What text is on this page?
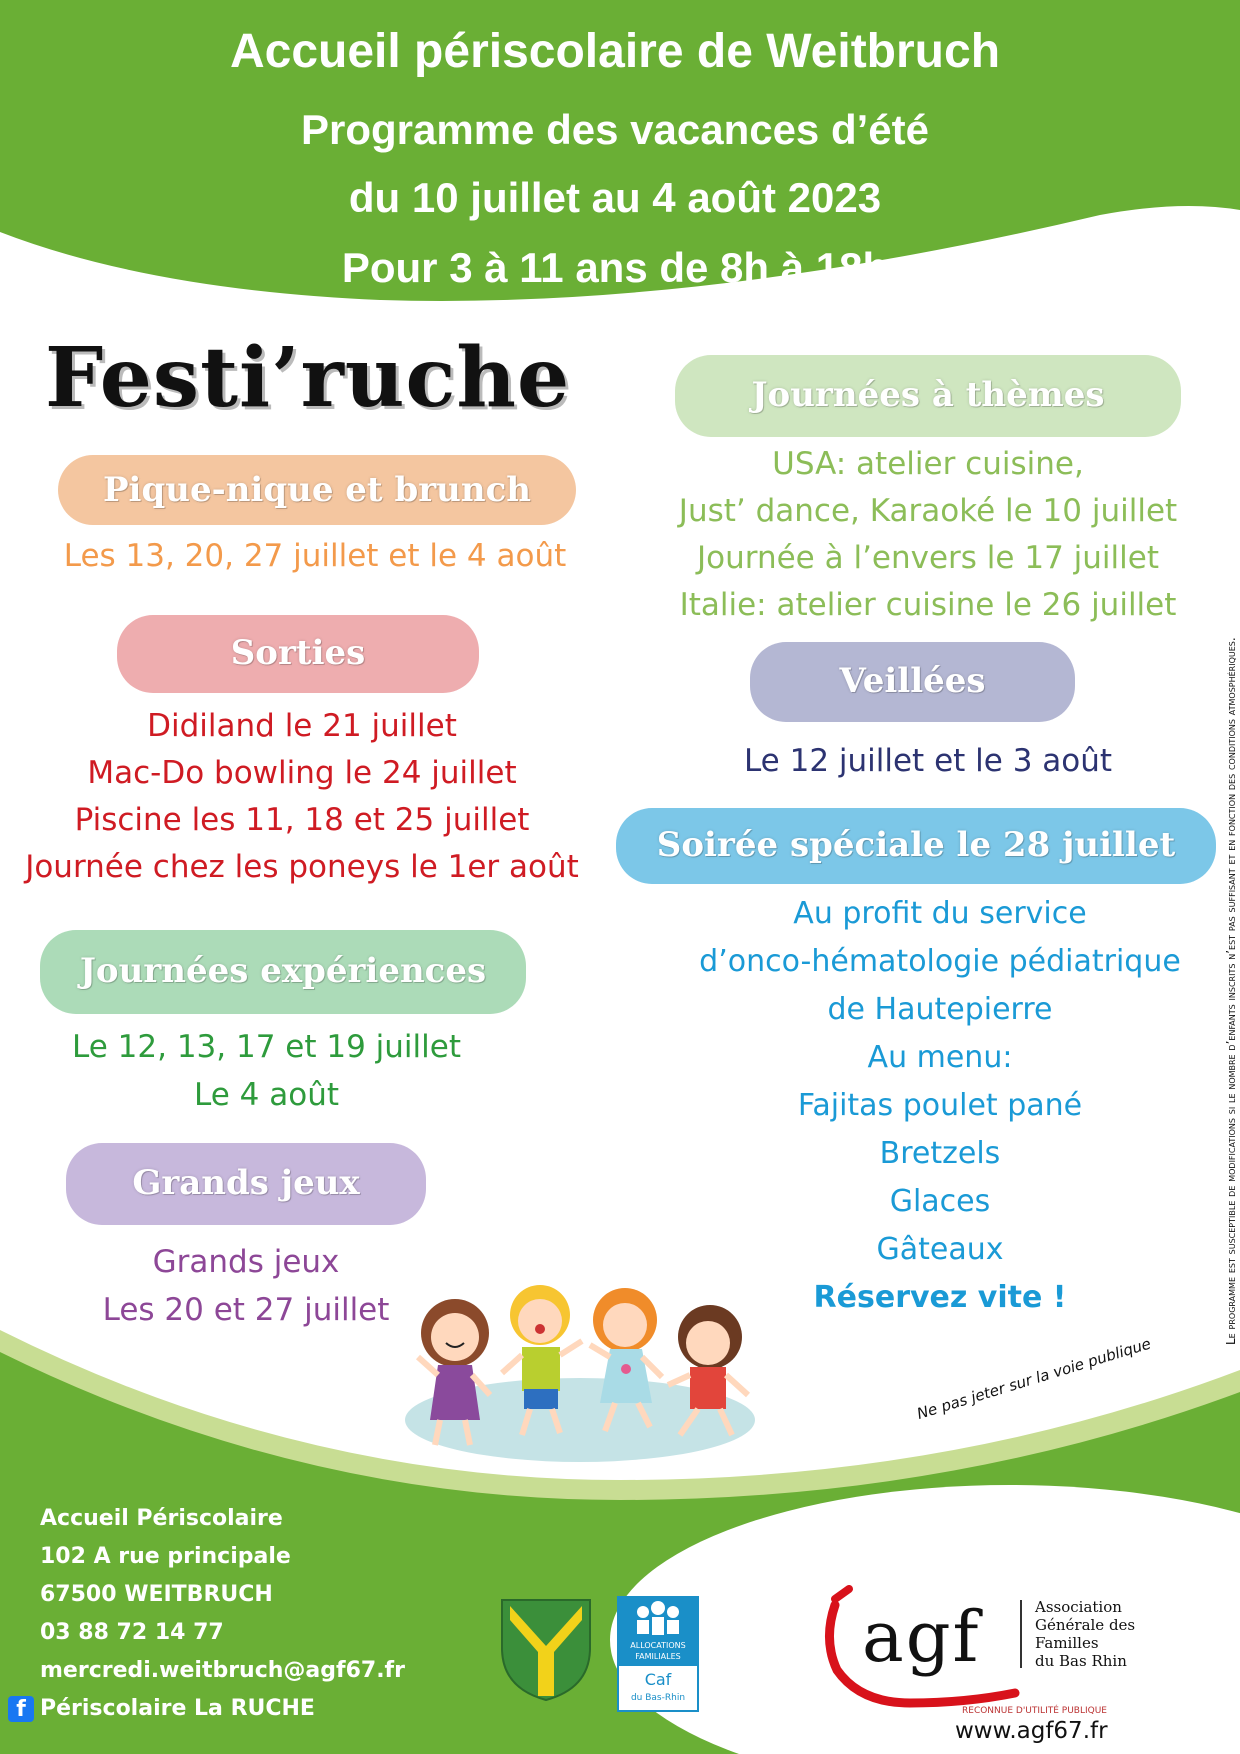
Accueil périscolaire de Weitbruch
Programme des vacances d’été
du 10 juillet au 4 août 2023
Pour 3 à 11 ans de 8h à 18h
Festi’ruche
Pique-nique et brunch
Les 13, 20, 27 juillet et le 4 août
Sorties
Didiland le 21 juillet
Mac-Do bowling le 24 juillet
Piscine les 11, 18 et 25 juillet
Journée chez les poneys le 1er août
Journées expériences
Le 12, 13, 17 et 19 juillet
Le 4 août
Grands jeux
Grands jeux
Les 20 et 27 juillet
Journées à thèmes
USA: atelier cuisine,
Just’ dance, Karaoké le 10 juillet
Journée à l’envers le 17 juillet
Italie: atelier cuisine le 26 juillet
Veillées
Le 12 juillet et le 3 août
Soirée spéciale le 28 juillet
Au profit du service
d’onco-hématologie pédiatrique
de Hautepierre
Au menu:
Fajitas poulet pané
Bretzels
Glaces
Gâteaux
Réservez vite !	Le programme est susceptible de modifications si le nombre d’enfants inscrits n’est pas suffisant et en fonction des conditions atmosphériques.
Ne pas jeter sur la voie publique
Accueil Périscolaire
102 A rue principale
67500 WEITBRUCH
03 88 72 14 77
mercredi.weitbruch@agf67.fr
f Périscolaire La RUCHE
ALLOCATIONS
FAMILIALES
Caf
du Bas-Rhin
agf	Association
Générale des
Familles
du Bas Rhin
RECONNUE D'UTILITÉ PUBLIQUE
www.agf67.fr
